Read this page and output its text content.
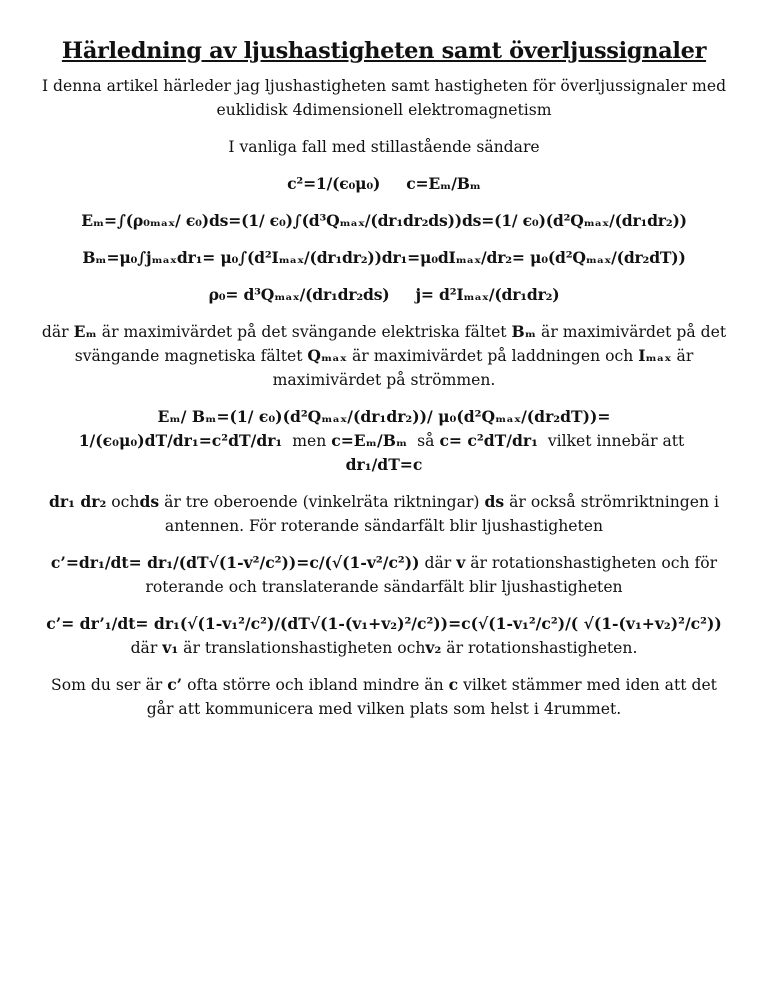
Härledning av ljushastigheten samt överljussignaler

I denna artikel härleder jag ljushastigheten samt hastigheten för överljussignaler med euklidisk 4dimensionell elektromagnetism

I vanliga fall med stillastående sändare

c²=1/(ϵ₀μ₀) c=Eₘ/Bₘ

Eₘ=∫(ρ₀ₘₐₓ/ ϵ₀)ds=(1/ ϵ₀)∫(d³Qₘₐₓ/(dr₁dr₂ds))ds=(1/ ϵ₀)(d²Qₘₐₓ/(dr₁dr₂))

Bₘ=μ₀∫jₘₐₓdr₁= μ₀∫(d²Iₘₐₓ/(dr₁dr₂))dr₁=μ₀dIₘₐₓ/dr₂= μ₀(d²Qₘₐₓ/(dr₂dT))

ρ₀= d³Qₘₐₓ/(dr₁dr₂ds) j= d²Iₘₐₓ/(dr₁dr₂)

där Eₘ är maximivärdet på det svängande elektriska fältet Bₘ är maximivärdet på det svängande magnetiska fältet Qₘₐₓ är maximivärdet på laddningen och Iₘₐₓ är maximivärdet på strömmen.

Eₘ/ Bₘ=(1/ ϵ₀)(d²Qₘₐₓ/(dr₁dr₂))/ μ₀(d²Qₘₐₓ/(dr₂dT))=
1/(ϵ₀μ₀)dT/dr₁=c²dT/dr₁  men c=Eₘ/Bₘ  så c= c²dT/dr₁  vilket innebär att
dr₁/dT=c

dr₁ dr₂ ochds är tre oberoende (vinkelräta riktningar) ds är också strömriktningen i antennen. För roterande sändarfält blir ljushastigheten

c’=dr₁/dt= dr₁/(dT√(1-v²/c²))=c/(√(1-v²/c²)) där v är rotationshastigheten och för roterande och translaterande sändarfält blir ljushastigheten

c’= dr’₁/dt= dr₁(√(1-v₁²/c²)/(dT√(1-(v₁+v₂)²/c²))=c(√(1-v₁²/c²)/( √(1-(v₁+v₂)²/c²)) där v₁ är translationshastigheten ochv₂ är rotationshastigheten.

Som du ser är c’ ofta större och ibland mindre än c vilket stämmer med iden att det går att kommunicera med vilken plats som helst i 4rummet.
